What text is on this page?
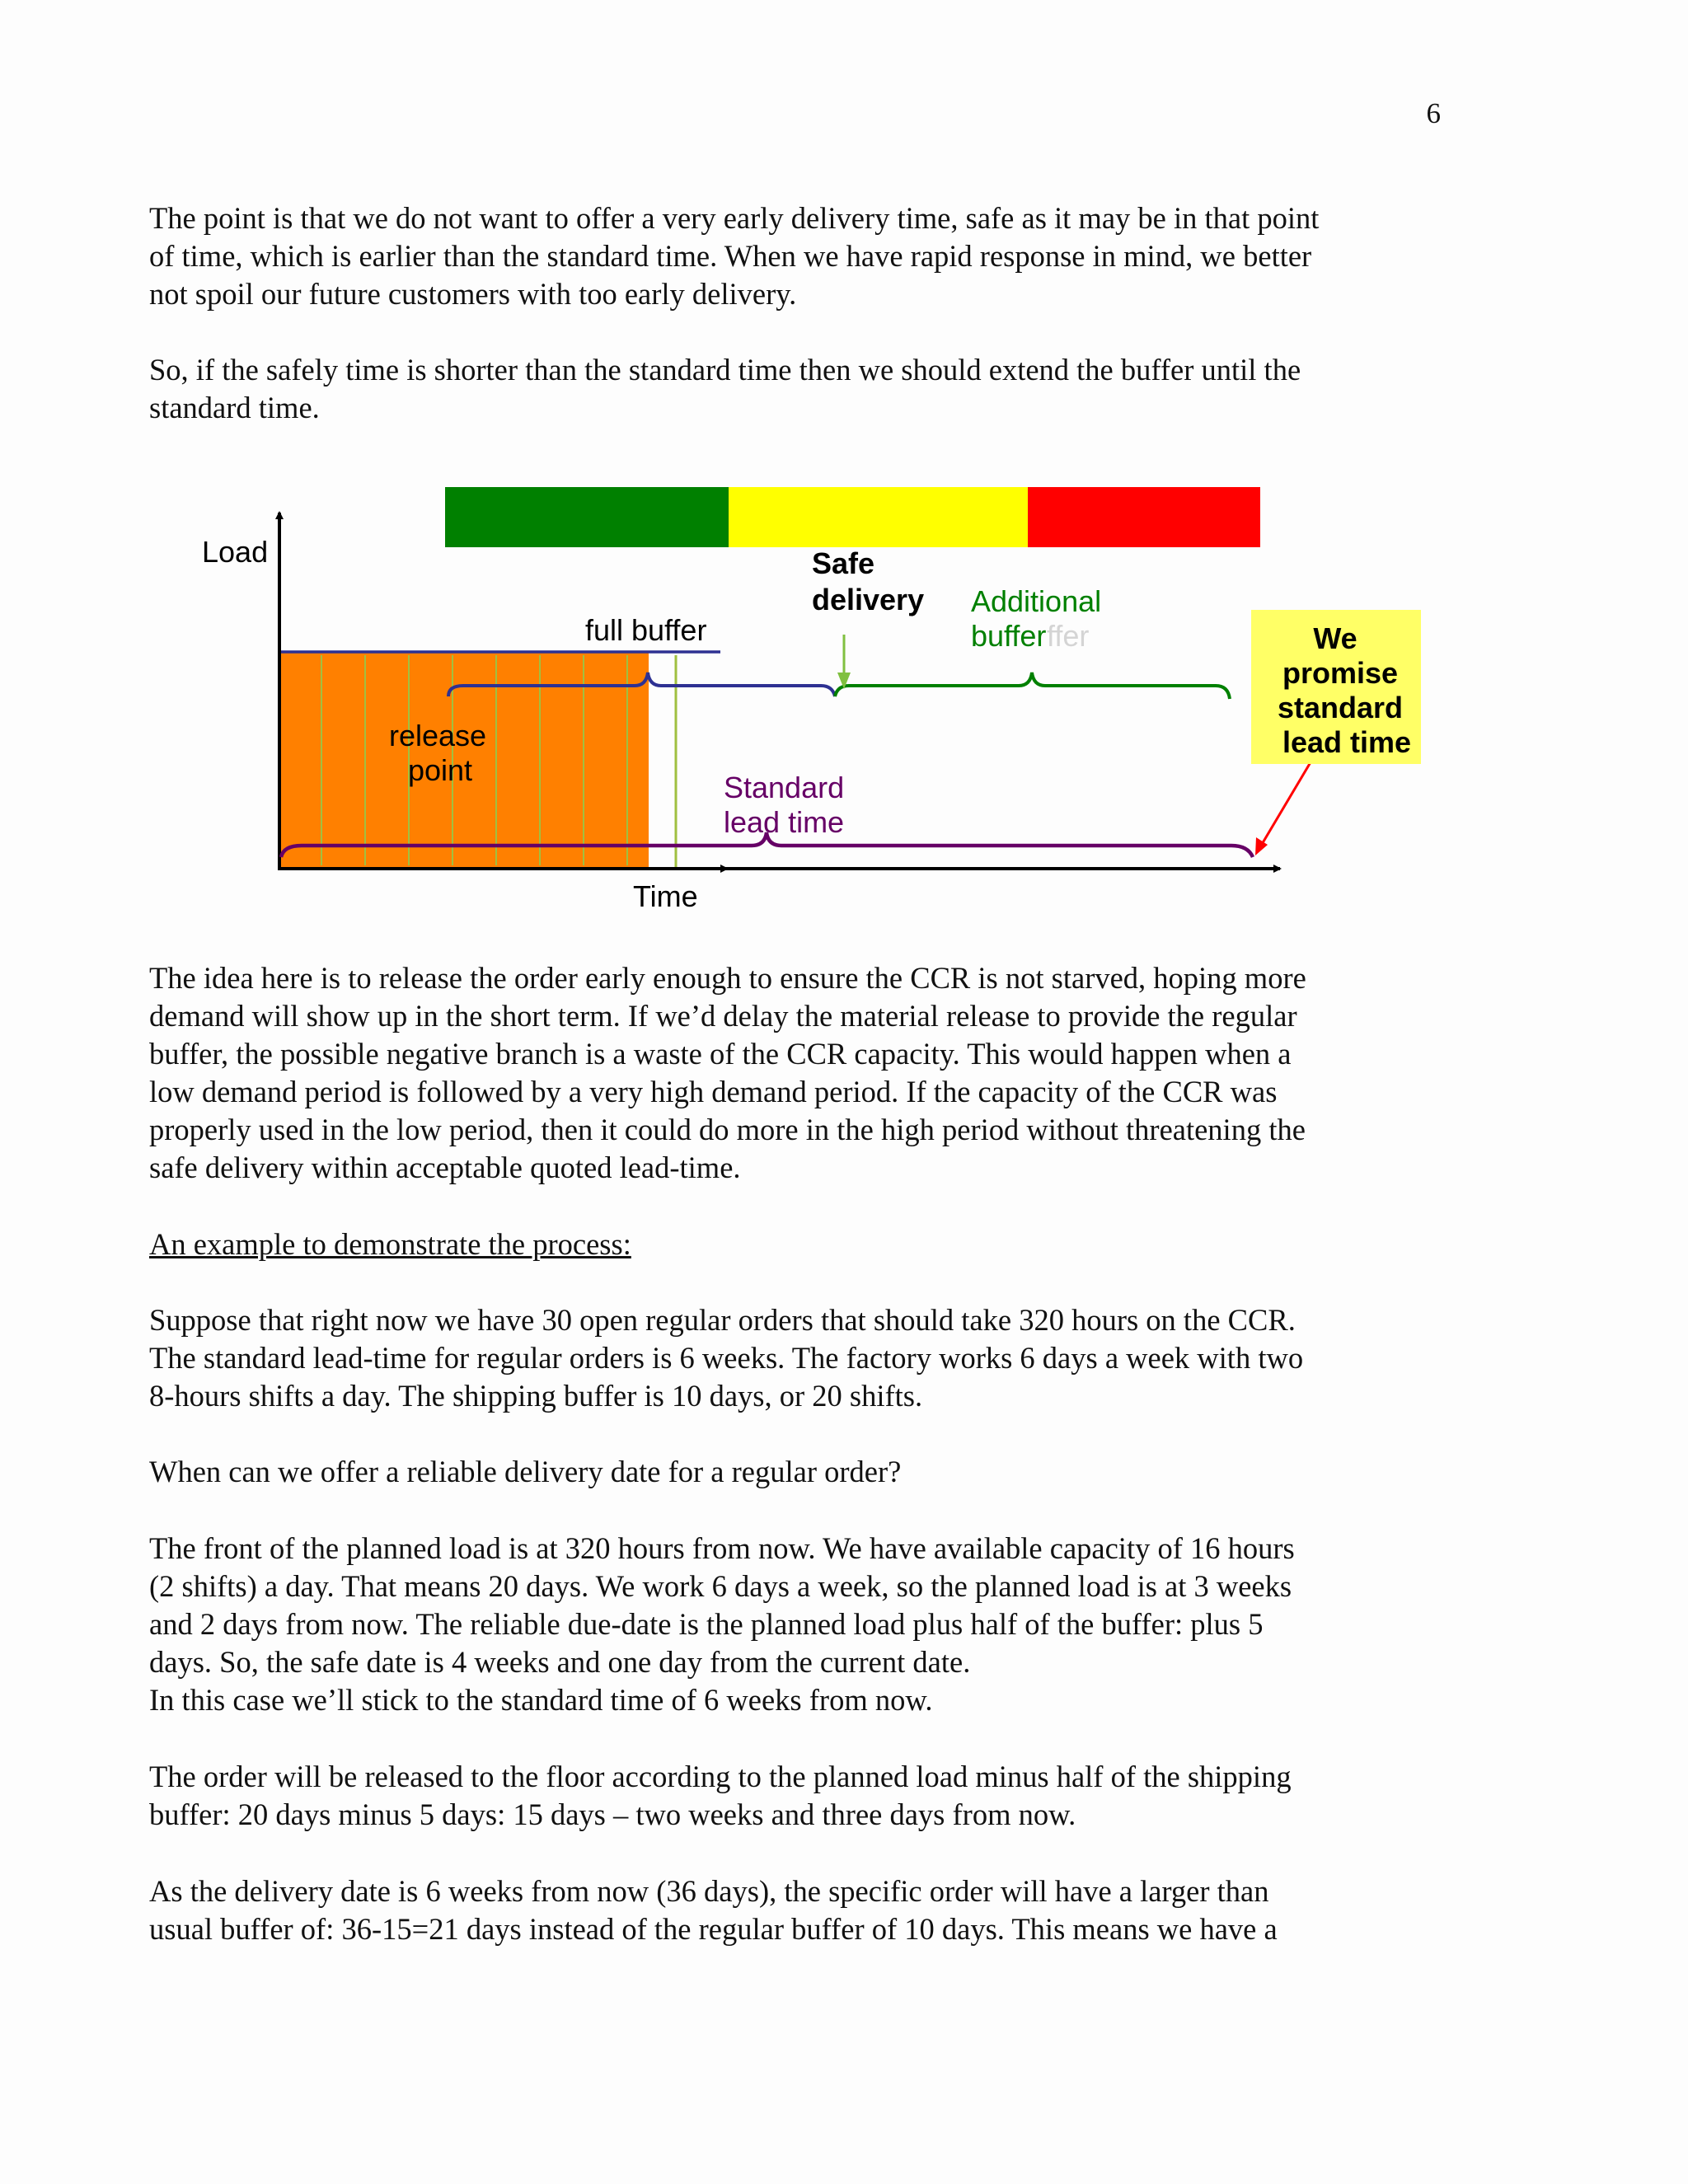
6
The point is that we do not want to offer a very early delivery time, safe as it may be in that point
of time, which is earlier than the standard time. When we have rapid response in mind, we better
not spoil our future customers with too early delivery.
So, if the safely time is shorter than the standard time then we should extend the buffer until the
standard time.
Load
Time
full buffer
release point
Safe delivery Additional buffer ffer
Standard lead time
We promise standard lead time
The idea here is to release the order early enough to ensure the CCR is not starved, hoping more
demand will show up in the short term. If we’d delay the material release to provide the regular
buffer, the possible negative branch is a waste of the CCR capacity. This would happen when a
low demand period is followed by a very high demand period. If the capacity of the CCR was
properly used in the low period, then it could do more in the high period without threatening the
safe delivery within acceptable quoted lead-time.
An example to demonstrate the process:
Suppose that right now we have 30 open regular orders that should take 320 hours on the CCR.
The standard lead-time for regular orders is 6 weeks. The factory works 6 days a week with two
8-hours shifts a day. The shipping buffer is 10 days, or 20 shifts.
When can we offer a reliable delivery date for a regular order?
The front of the planned load is at 320 hours from now. We have available capacity of 16 hours
(2 shifts) a day. That means 20 days. We work 6 days a week, so the planned load is at 3 weeks
and 2 days from now. The reliable due-date is the planned load plus half of the buffer: plus 5
days. So, the safe date is 4 weeks and one day from the current date.
In this case we’ll stick to the standard time of 6 weeks from now.
The order will be released to the floor according to the planned load minus half of the shipping
buffer: 20 days minus 5 days: 15 days – two weeks and three days from now.
As the delivery date is 6 weeks from now (36 days), the specific order will have a larger than
usual buffer of: 36-15=21 days instead of the regular buffer of 10 days. This means we have a
